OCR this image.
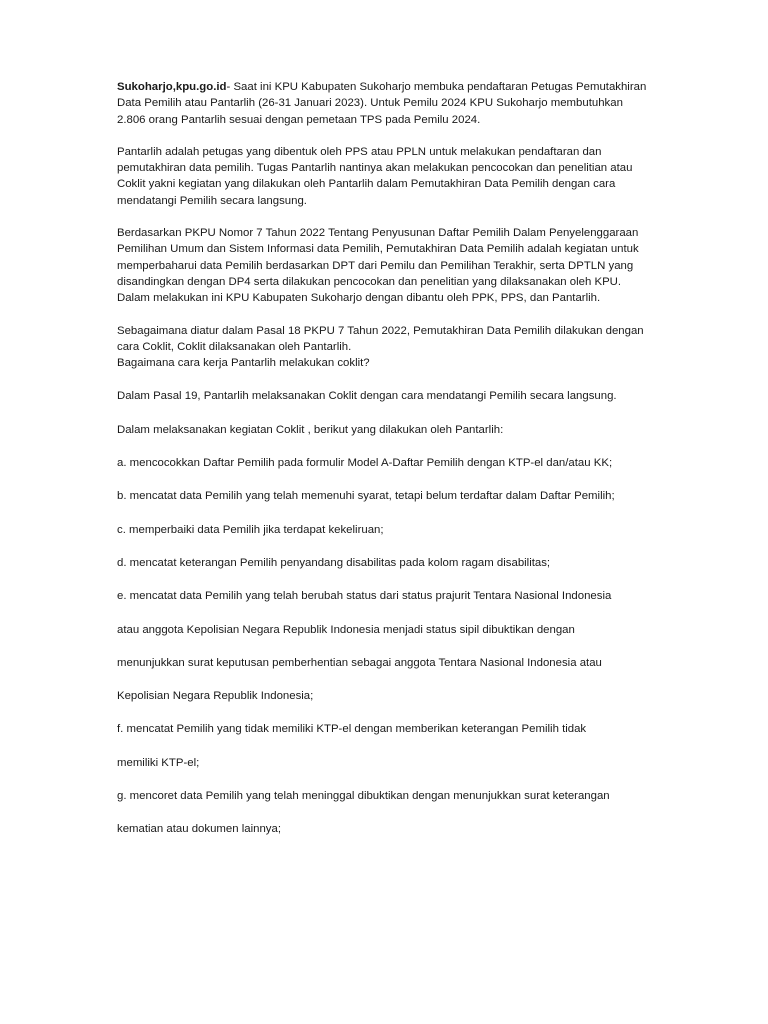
Sukoharjo,kpu.go.id- Saat ini KPU Kabupaten Sukoharjo membuka pendaftaran Petugas Pemutakhiran Data Pemilih atau Pantarlih (26-31 Januari 2023). Untuk Pemilu 2024 KPU Sukoharjo membutuhkan 2.806 orang Pantarlih sesuai dengan pemetaan TPS pada Pemilu 2024.

Pantarlih adalah petugas yang dibentuk oleh PPS atau PPLN untuk melakukan pendaftaran dan pemutakhiran data pemilih. Tugas Pantarlih nantinya akan melakukan pencocokan dan penelitian atau Coklit yakni kegiatan yang dilakukan oleh Pantarlih dalam Pemutakhiran Data Pemilih dengan cara mendatangi Pemilih secara langsung.

Berdasarkan PKPU Nomor 7 Tahun 2022 Tentang Penyusunan Daftar Pemilih Dalam Penyelenggaraan Pemilihan Umum dan Sistem Informasi data Pemilih, Pemutakhiran Data Pemilih adalah kegiatan untuk memperbaharui data Pemilih berdasarkan DPT dari Pemilu dan Pemilihan Terakhir, serta DPTLN yang disandingkan dengan DP4 serta dilakukan pencocokan dan penelitian yang dilaksanakan oleh KPU. Dalam melakukan ini KPU Kabupaten Sukoharjo dengan dibantu oleh PPK, PPS, dan Pantarlih.

Sebagaimana diatur dalam Pasal 18 PKPU 7 Tahun 2022, Pemutakhiran Data Pemilih dilakukan dengan cara Coklit, Coklit dilaksanakan oleh Pantarlih.

Bagaimana cara kerja Pantarlih melakukan coklit?

Dalam Pasal 19, Pantarlih melaksanakan Coklit dengan cara mendatangi Pemilih secara langsung.

Dalam melaksanakan kegiatan Coklit , berikut yang dilakukan oleh Pantarlih:

a. mencocokkan Daftar Pemilih pada formulir Model A-Daftar Pemilih dengan KTP-el dan/atau KK;

b. mencatat data Pemilih yang telah memenuhi syarat, tetapi belum terdaftar dalam Daftar Pemilih;

c. memperbaiki data Pemilih jika terdapat kekeliruan;

d. mencatat keterangan Pemilih penyandang disabilitas pada kolom ragam disabilitas;

e. mencatat data Pemilih yang telah berubah status dari status prajurit Tentara Nasional Indonesia

atau anggota Kepolisian Negara Republik Indonesia menjadi status sipil dibuktikan dengan

menunjukkan surat keputusan pemberhentian sebagai anggota Tentara Nasional Indonesia atau

Kepolisian Negara Republik Indonesia;

f. mencatat Pemilih yang tidak memiliki KTP-el dengan memberikan keterangan Pemilih tidak

memiliki KTP-el;

g. mencoret data Pemilih yang telah meninggal dibuktikan dengan menunjukkan surat keterangan

kematian atau dokumen lainnya;
